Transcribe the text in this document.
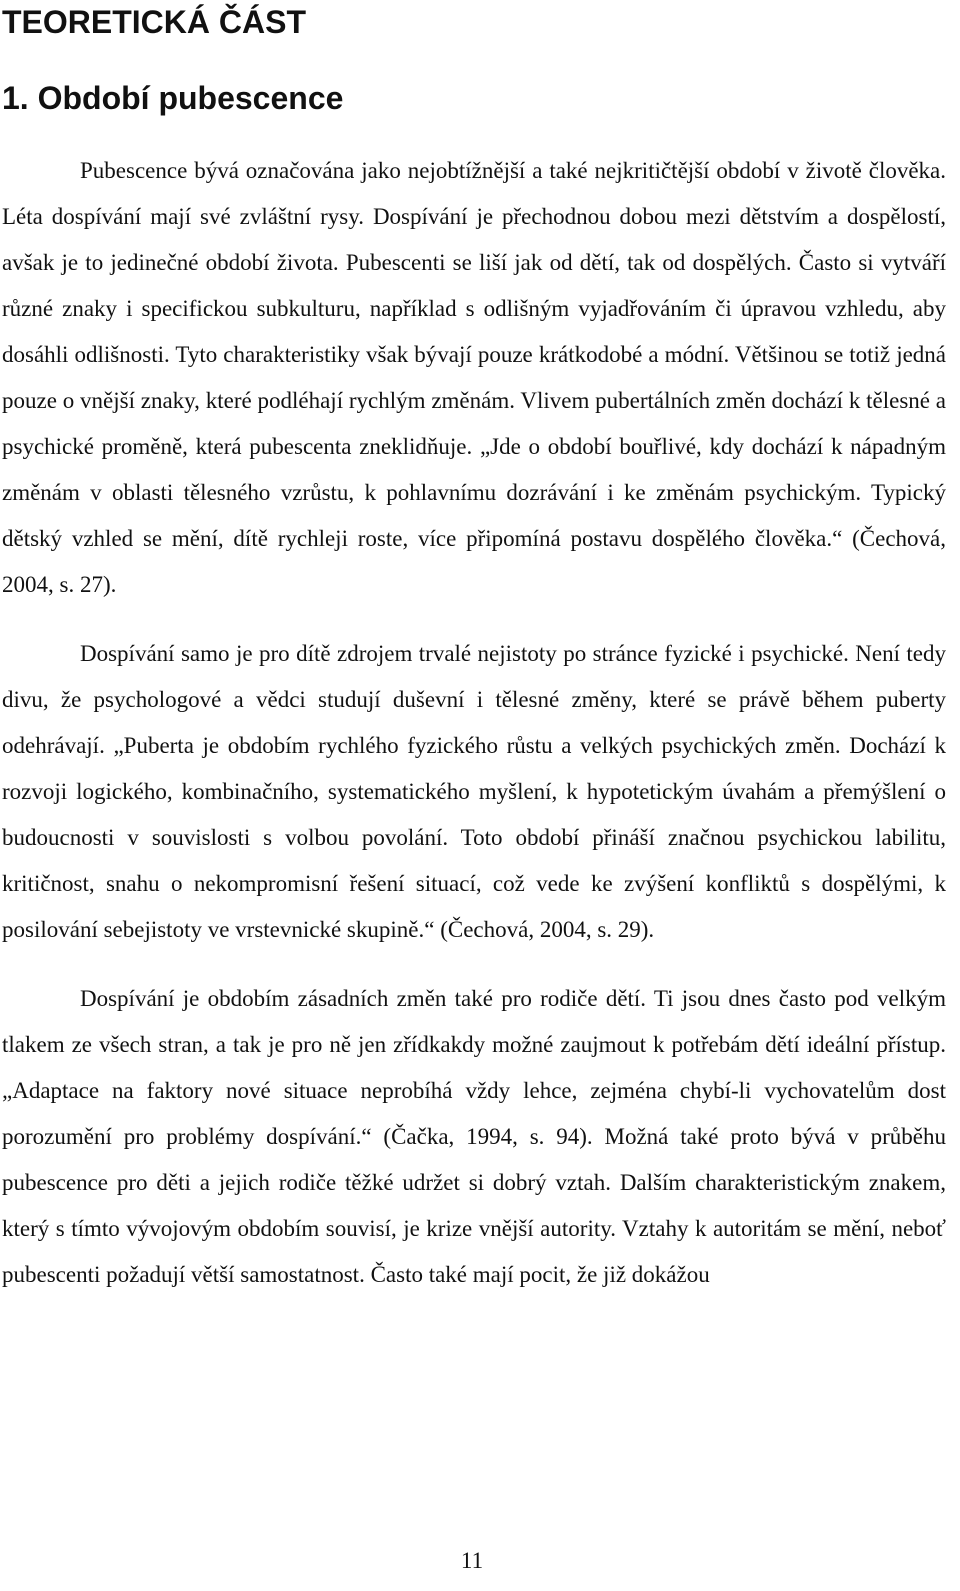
TEORETICKÁ ČÁST
1. Období pubescence

Pubescence bývá označována jako nejobtížnější a také nejkritičtější období v životě člověka. Léta dospívání mají své zvláštní rysy. Dospívání je přechodnou dobou mezi dětstvím a dospělostí, avšak je to jedinečné období života. Pubescenti se liší jak od dětí, tak od dospělých. Často si vytváří různé znaky i specifickou subkulturu, například s odlišným vyjadřováním či úpravou vzhledu, aby dosáhli odlišnosti. Tyto charakteristiky však bývají pouze krátkodobé a módní. Většinou se totiž jedná pouze o vnější znaky, které podléhají rychlým změnám. Vlivem pubertálních změn dochází k tělesné a psychické proměně, která pubescenta zneklidňuje. „Jde o období bouřlivé, kdy dochází k nápadným změnám v oblasti tělesného vzrůstu, k pohlavnímu dozrávání i ke změnám psychickým. Typický dětský vzhled se mění, dítě rychleji roste, více připomíná postavu dospělého člověka.“ (Čechová, 2004, s. 27).

Dospívání samo je pro dítě zdrojem trvalé nejistoty po stránce fyzické i psychické. Není tedy divu, že psychologové a vědci studují duševní i tělesné změny, které se právě během puberty odehrávají. „Puberta je obdobím rychlého fyzického růstu a velkých psychických změn. Dochází k rozvoji logického, kombinačního, systematického myšlení, k hypotetickým úvahám a přemýšlení o budoucnosti v souvislosti s volbou povolání. Toto období přináší značnou psychickou labilitu, kritičnost, snahu o nekompromisní řešení situací, což vede ke zvýšení konfliktů s dospělými, k posilování sebejistoty ve vrstevnické skupině.“ (Čechová, 2004, s. 29).

Dospívání je obdobím zásadních změn také pro rodiče dětí. Ti jsou dnes často pod velkým tlakem ze všech stran, a tak je pro ně jen zřídkakdy možné zaujmout k potřebám dětí ideální přístup. „Adaptace na faktory nové situace neprobíhá vždy lehce, zejména chybí-li vychovatelům dost porozumění pro problémy dospívání.“ (Čačka, 1994, s. 94). Možná také proto bývá v průběhu pubescence pro děti a jejich rodiče těžké udržet si dobrý vztah. Dalším charakteristickým znakem, který s tímto vývojovým obdobím souvisí, je krize vnější autority. Vztahy k autoritám se mění, neboť pubescenti požadují větší samostatnost. Často také mají pocit, že již dokážou

11
